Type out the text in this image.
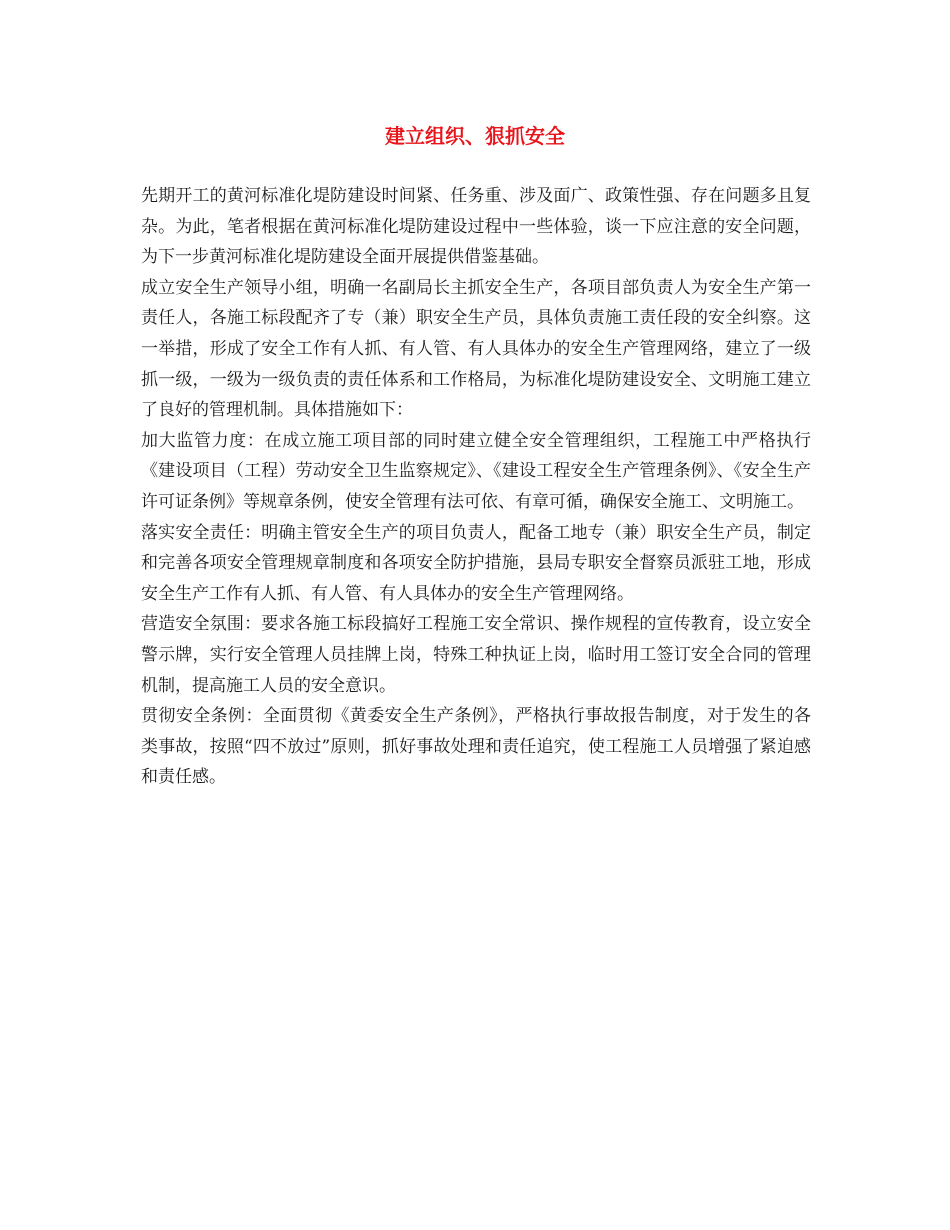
建立组织、狠抓安全

先期开工的黄河标准化堤防建设时间紧、任务重、涉及面广、政策性强、存在问题多且复杂。为此，笔者根据在黄河标准化堤防建设过程中一些体验，谈一下应注意的安全问题，为下一步黄河标准化堤防建设全面开展提供借鉴基础。

成立安全生产领导小组，明确一名副局长主抓安全生产，各项目部负责人为安全生产第一责任人，各施工标段配齐了专（兼）职安全生产员，具体负责施工责任段的安全纠察。这一举措，形成了安全工作有人抓、有人管、有人具体办的安全生产管理网络，建立了一级抓一级，一级为一级负责的责任体系和工作格局，为标准化堤防建设安全、文明施工建立了良好的管理机制。具体措施如下：

加大监管力度：在成立施工项目部的同时建立健全安全管理组织，工程施工中严格执行《建设项目（工程）劳动安全卫生监察规定》、《建设工程安全生产管理条例》、《安全生产许可证条例》等规章条例，使安全管理有法可依、有章可循，确保安全施工、文明施工。

落实安全责任：明确主管安全生产的项目负责人，配备工地专（兼）职安全生产员，制定和完善各项安全管理规章制度和各项安全防护措施，县局专职安全督察员派驻工地，形成安全生产工作有人抓、有人管、有人具体办的安全生产管理网络。

营造安全氛围：要求各施工标段搞好工程施工安全常识、操作规程的宣传教育，设立安全警示牌，实行安全管理人员挂牌上岗，特殊工种执证上岗，临时用工签订安全合同的管理机制，提高施工人员的安全意识。

贯彻安全条例：全面贯彻《黄委安全生产条例》，严格执行事故报告制度，对于发生的各类事故，按照“四不放过”原则，抓好事故处理和责任追究，使工程施工人员增强了紧迫感和责任感。
